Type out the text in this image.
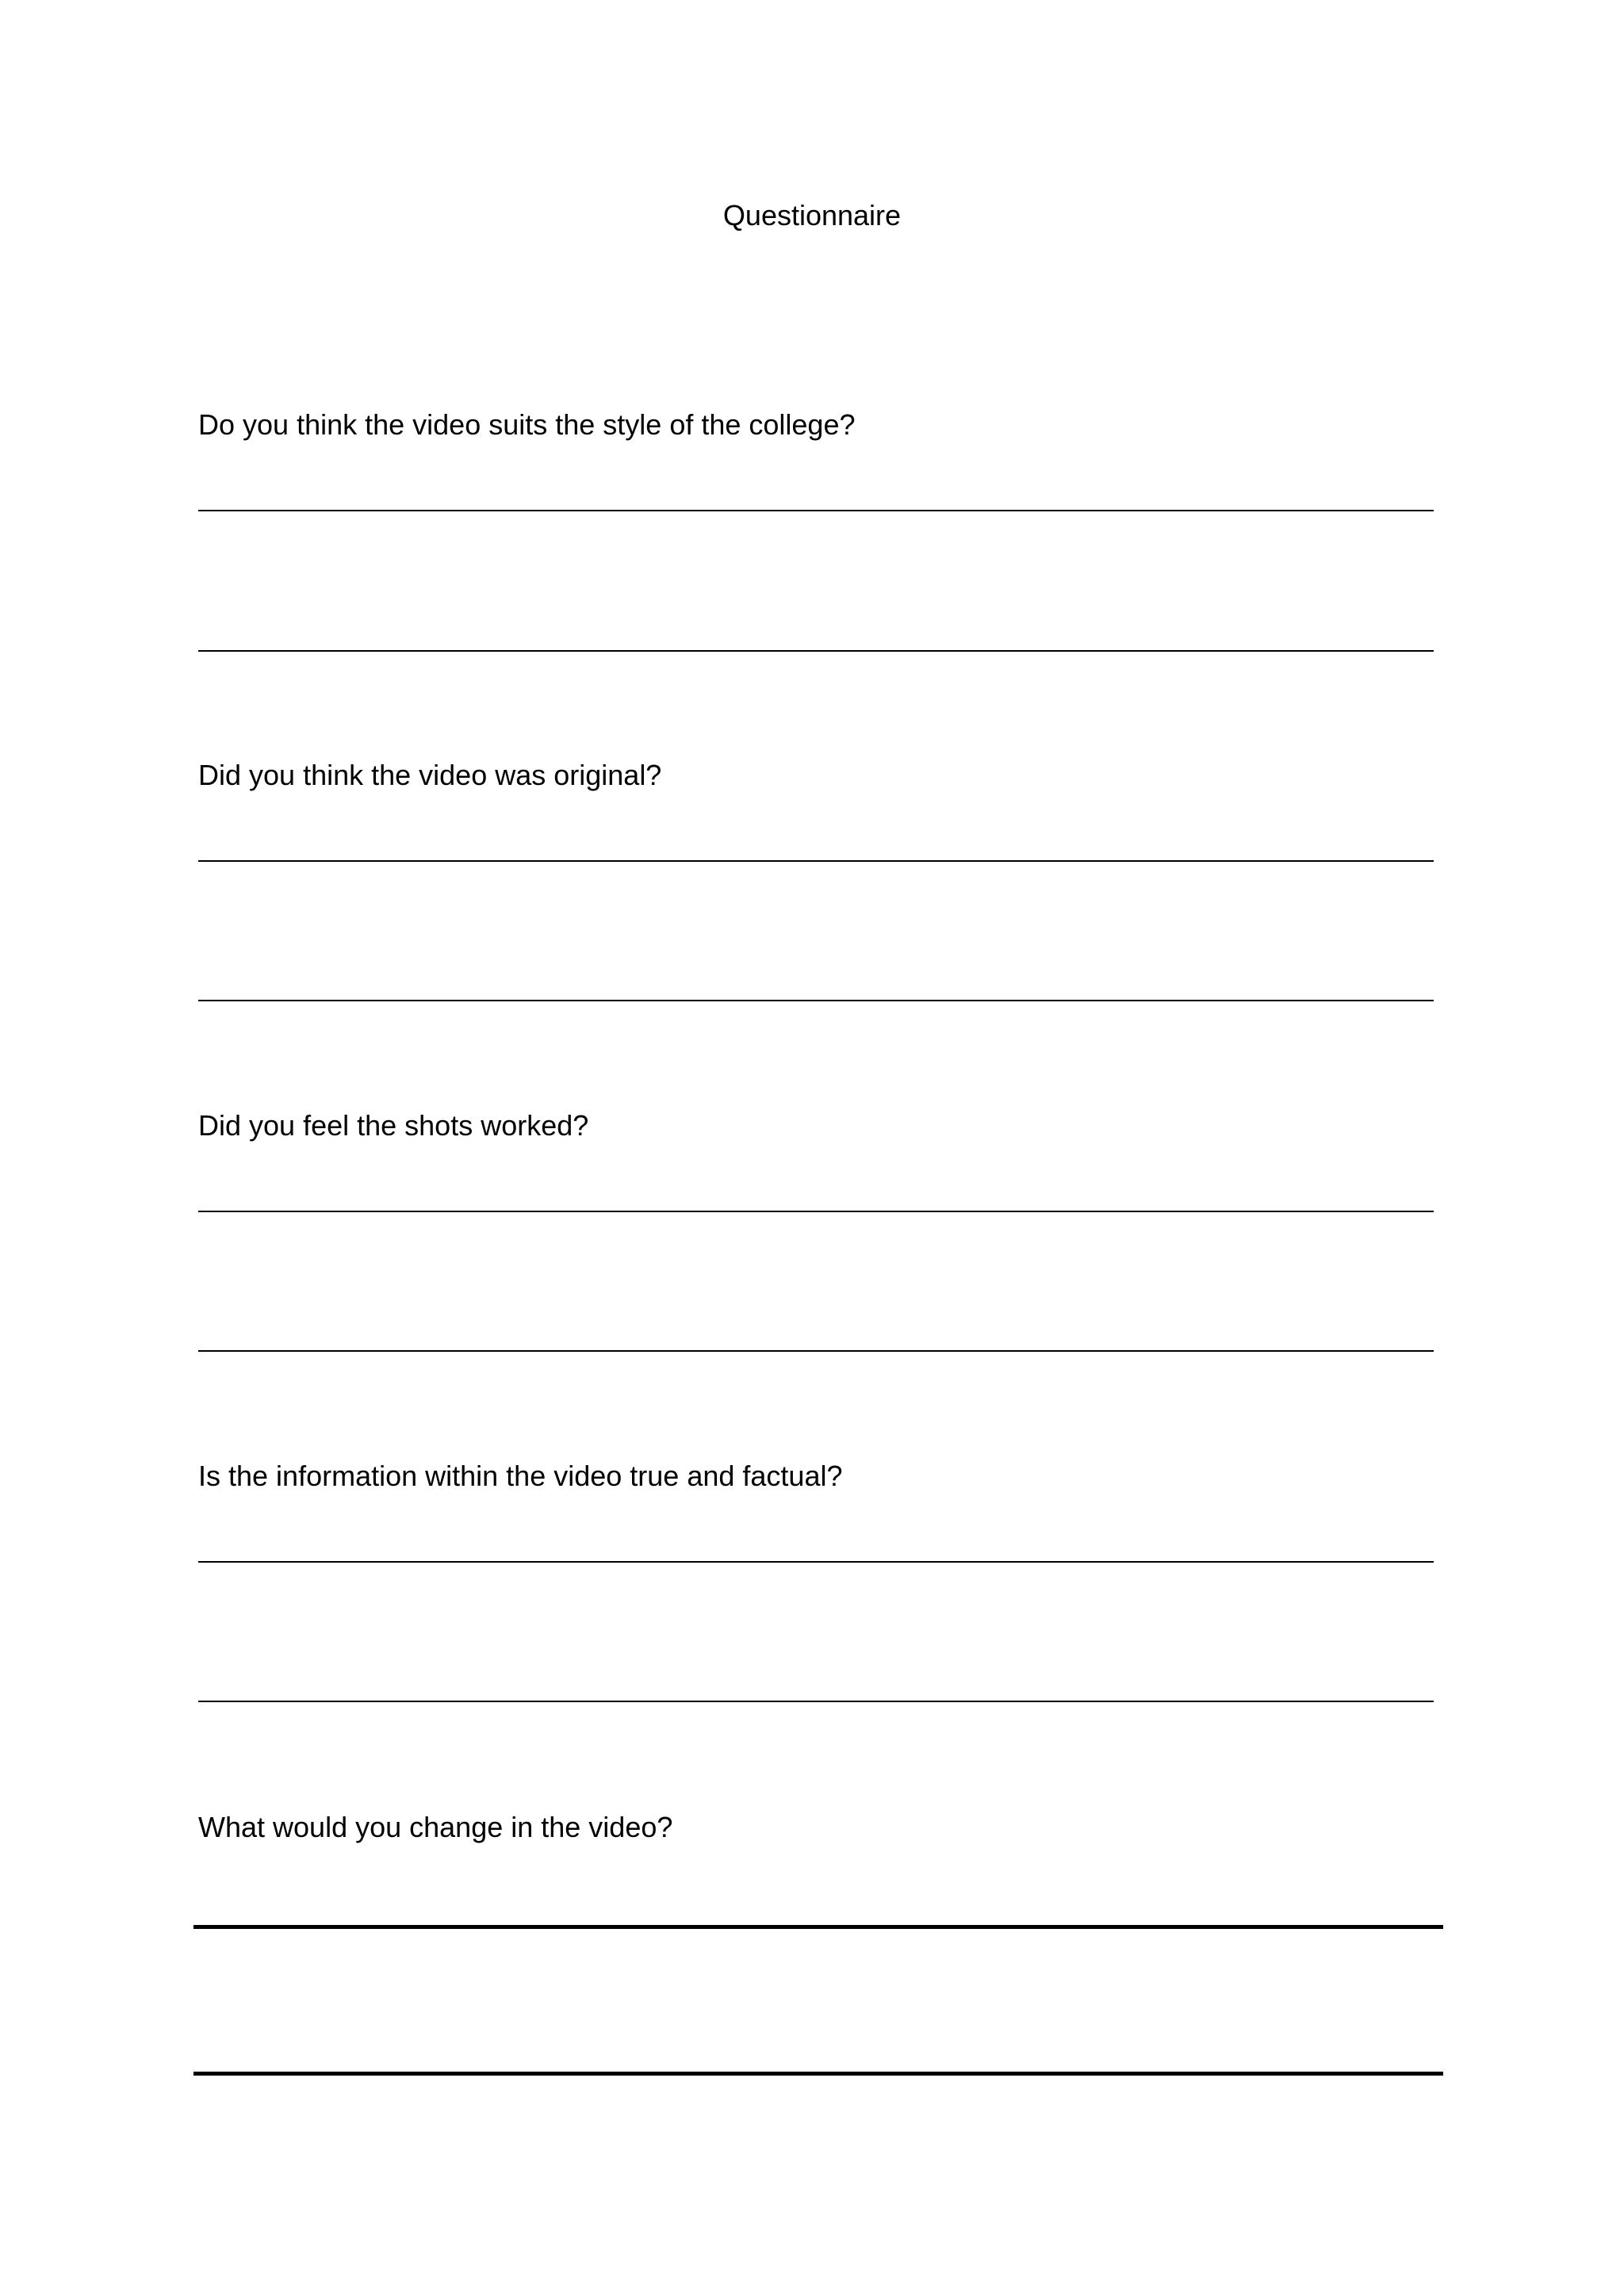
Questionnaire
Do you think the video suits the style of the college?
Did you think the video was original?
Did you feel the shots worked?
Is the information within the video true and factual?
What would you change in the video?
